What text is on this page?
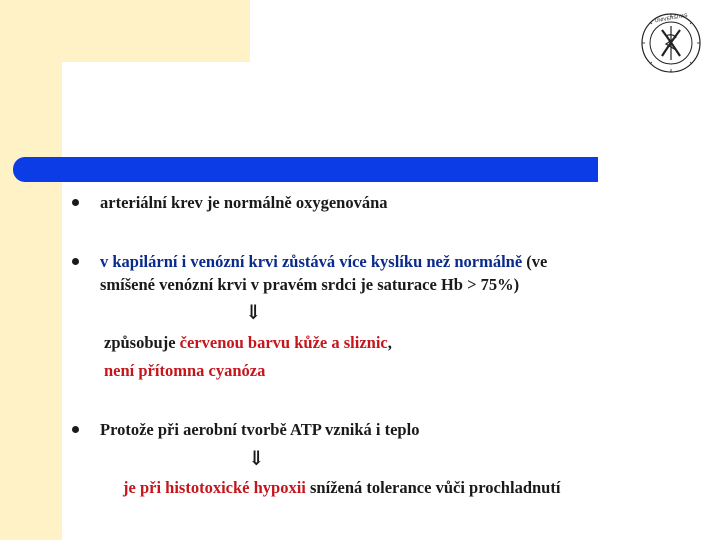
UNIVERSITAS
arteriální krev je normálně oxygenována
v kapilární i venózní krvi zůstává více kyslíku než normálně (ve
smíšené venózní krvi v pravém srdci je saturace Hb > 75%)
⇓
způsobuje červenou barvu kůže a sliznic,
není přítomna cyanóza
Protože při aerobní tvorbě ATP vzniká i teplo
⇓
je při histotoxické hypoxii snížená tolerance vůči prochladnutí
